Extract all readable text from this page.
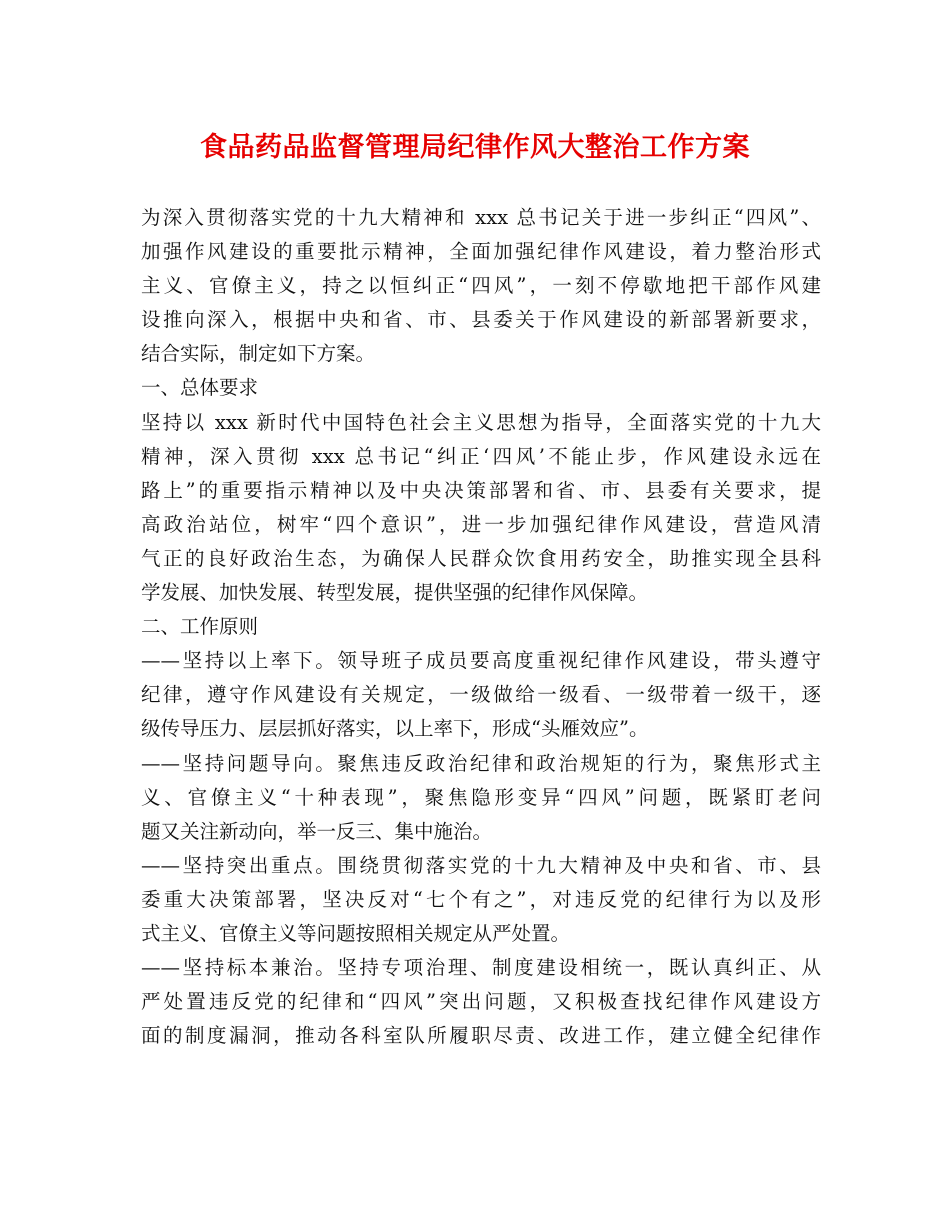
食品药品监督管理局纪律作风大整治工作方案
为深入贯彻落实党的十九大精神和 xxx 总书记关于进一步纠正“四风”、
加强作风建设的重要批示精神，全面加强纪律作风建设，着力整治形式
主义、官僚主义，持之以恒纠正“四风”，一刻不停歇地把干部作风建
设推向深入，根据中央和省、市、县委关于作风建设的新部署新要求，
结合实际，制定如下方案。
一、总体要求
坚持以 xxx 新时代中国特色社会主义思想为指导，全面落实党的十九大
精神，深入贯彻 xxx 总书记“纠正‘四风’不能止步，作风建设永远在
路上”的重要指示精神以及中央决策部署和省、市、县委有关要求，提
高政治站位，树牢“四个意识”，进一步加强纪律作风建设，营造风清
气正的良好政治生态，为确保人民群众饮食用药安全，助推实现全县科
学发展、加快发展、转型发展，提供坚强的纪律作风保障。
二、工作原则
——坚持以上率下。领导班子成员要高度重视纪律作风建设，带头遵守
纪律，遵守作风建设有关规定，一级做给一级看、一级带着一级干，逐
级传导压力、层层抓好落实，以上率下，形成“头雁效应”。
——坚持问题导向。聚焦违反政治纪律和政治规矩的行为，聚焦形式主
义、官僚主义“十种表现”，聚焦隐形变异“四风”问题，既紧盯老问
题又关注新动向，举一反三、集中施治。
——坚持突出重点。围绕贯彻落实党的十九大精神及中央和省、市、县
委重大决策部署，坚决反对“七个有之”，对违反党的纪律行为以及形
式主义、官僚主义等问题按照相关规定从严处置。
——坚持标本兼治。坚持专项治理、制度建设相统一，既认真纠正、从
严处置违反党的纪律和“四风”突出问题，又积极查找纪律作风建设方
面的制度漏洞，推动各科室队所履职尽责、改进工作，建立健全纪律作
